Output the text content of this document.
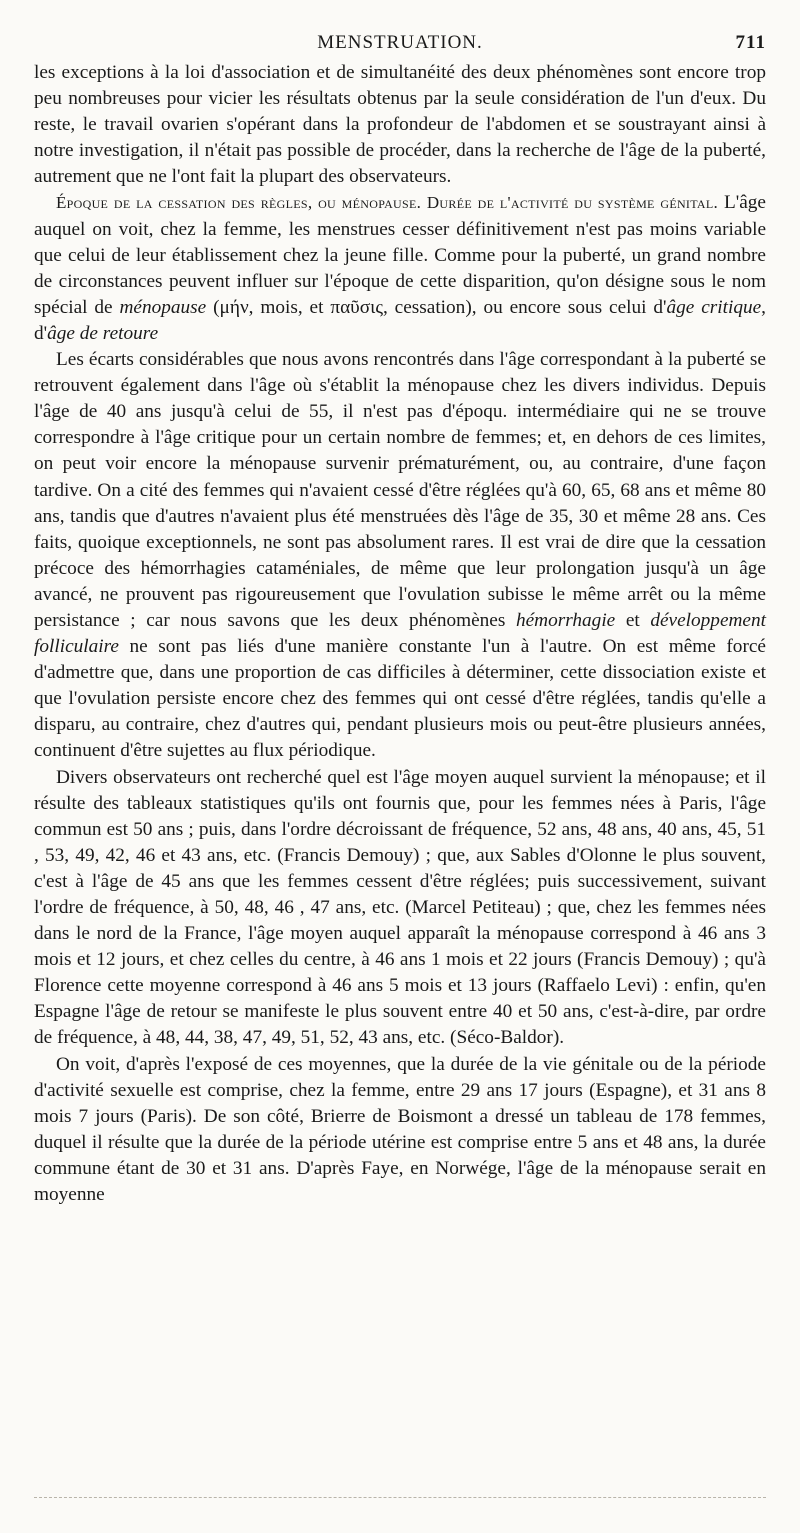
MENSTRUATION.	711

les exceptions à la loi d'association et de simultanéité des deux phénomènes sont encore trop peu nombreuses pour vicier les résultats obtenus par la seule considération de l'un d'eux. Du reste, le travail ovarien s'opérant dans la profondeur de l'abdomen et se soustrayant ainsi à notre investigation, il n'était pas possible de procéder, dans la recherche de l'âge de la puberté, autrement que ne l'ont fait la plupart des observateurs.

Époque de la cessation des règles, ou ménopause. Durée de l'activité du système génital. L'âge auquel on voit, chez la femme, les menstrues cesser définitivement n'est pas moins variable que celui de leur établissement chez la jeune fille. Comme pour la puberté, un grand nombre de circonstances peuvent influer sur l'époque de cette disparition, qu'on désigne sous le nom spécial de ménopause (μήν, mois, et παῦσις, cessation), ou encore sous celui d'âge critique, d'âge de retoure

Les écarts considérables que nous avons rencontrés dans l'âge correspondant à la puberté se retrouvent également dans l'âge où s'établit la ménopause chez les divers individus. Depuis l'âge de 40 ans jusqu'à celui de 55, il n'est pas d'époqu. intermédiaire qui ne se trouve correspondre à l'âge critique pour un certain nombre de femmes; et, en dehors de ces limites, on peut voir encore la ménopause survenir prématurément, ou, au contraire, d'une façon tardive. On a cité des femmes qui n'avaient cessé d'être réglées qu'à 60, 65, 68 ans et même 80 ans, tandis que d'autres n'avaient plus été menstruées dès l'âge de 35, 30 et même 28 ans. Ces faits, quoique exceptionnels, ne sont pas absolument rares. Il est vrai de dire que la cessation précoce des hémorrhagies cataméniales, de même que leur prolongation jusqu'à un âge avancé, ne prouvent pas rigoureusement que l'ovulation subisse le même arrêt ou la même persistance ; car nous savons que les deux phénomènes hémorrhagie et développement folliculaire ne sont pas liés d'une manière constante l'un à l'autre. On est même forcé d'admettre que, dans une proportion de cas difficiles à déterminer, cette dissociation existe et que l'ovulation persiste encore chez des femmes qui ont cessé d'être réglées, tandis qu'elle a disparu, au contraire, chez d'autres qui, pendant plusieurs mois ou peut-être plusieurs années, continuent d'être sujettes au flux périodique.

Divers observateurs ont recherché quel est l'âge moyen auquel survient la ménopause; et il résulte des tableaux statistiques qu'ils ont fournis que, pour les femmes nées à Paris, l'âge commun est 50 ans ; puis, dans l'ordre décroissant de fréquence, 52 ans, 48 ans, 40 ans, 45, 51 , 53, 49, 42, 46 et 43 ans, etc. (Francis Demouy) ; que, aux Sables d'Olonne le plus souvent, c'est à l'âge de 45 ans que les femmes cessent d'être réglées; puis successivement, suivant l'ordre de fréquence, à 50, 48, 46 , 47 ans, etc. (Marcel Petiteau) ; que, chez les femmes nées dans le nord de la France, l'âge moyen auquel apparaît la ménopause correspond à 46 ans 3 mois et 12 jours, et chez celles du centre, à 46 ans 1 mois et 22 jours (Francis Demouy) ; qu'à Florence cette moyenne correspond à 46 ans 5 mois et 13 jours (Raffaelo Levi) : enfin, qu'en Espagne l'âge de retour se manifeste le plus souvent entre 40 et 50 ans, c'est-à-dire, par ordre de fréquence, à 48, 44, 38, 47, 49, 51, 52, 43 ans, etc. (Séco-Baldor).

On voit, d'après l'exposé de ces moyennes, que la durée de la vie génitale ou de la période d'activité sexuelle est comprise, chez la femme, entre 29 ans 17 jours (Espagne), et 31 ans 8 mois 7 jours (Paris). De son côté, Brierre de Boismont a dressé un tableau de 178 femmes, duquel il résulte que la durée de la période utérine est comprise entre 5 ans et 48 ans, la durée commune étant de 30 et 31 ans. D'après Faye, en Norwége, l'âge de la ménopause serait en moyenne
